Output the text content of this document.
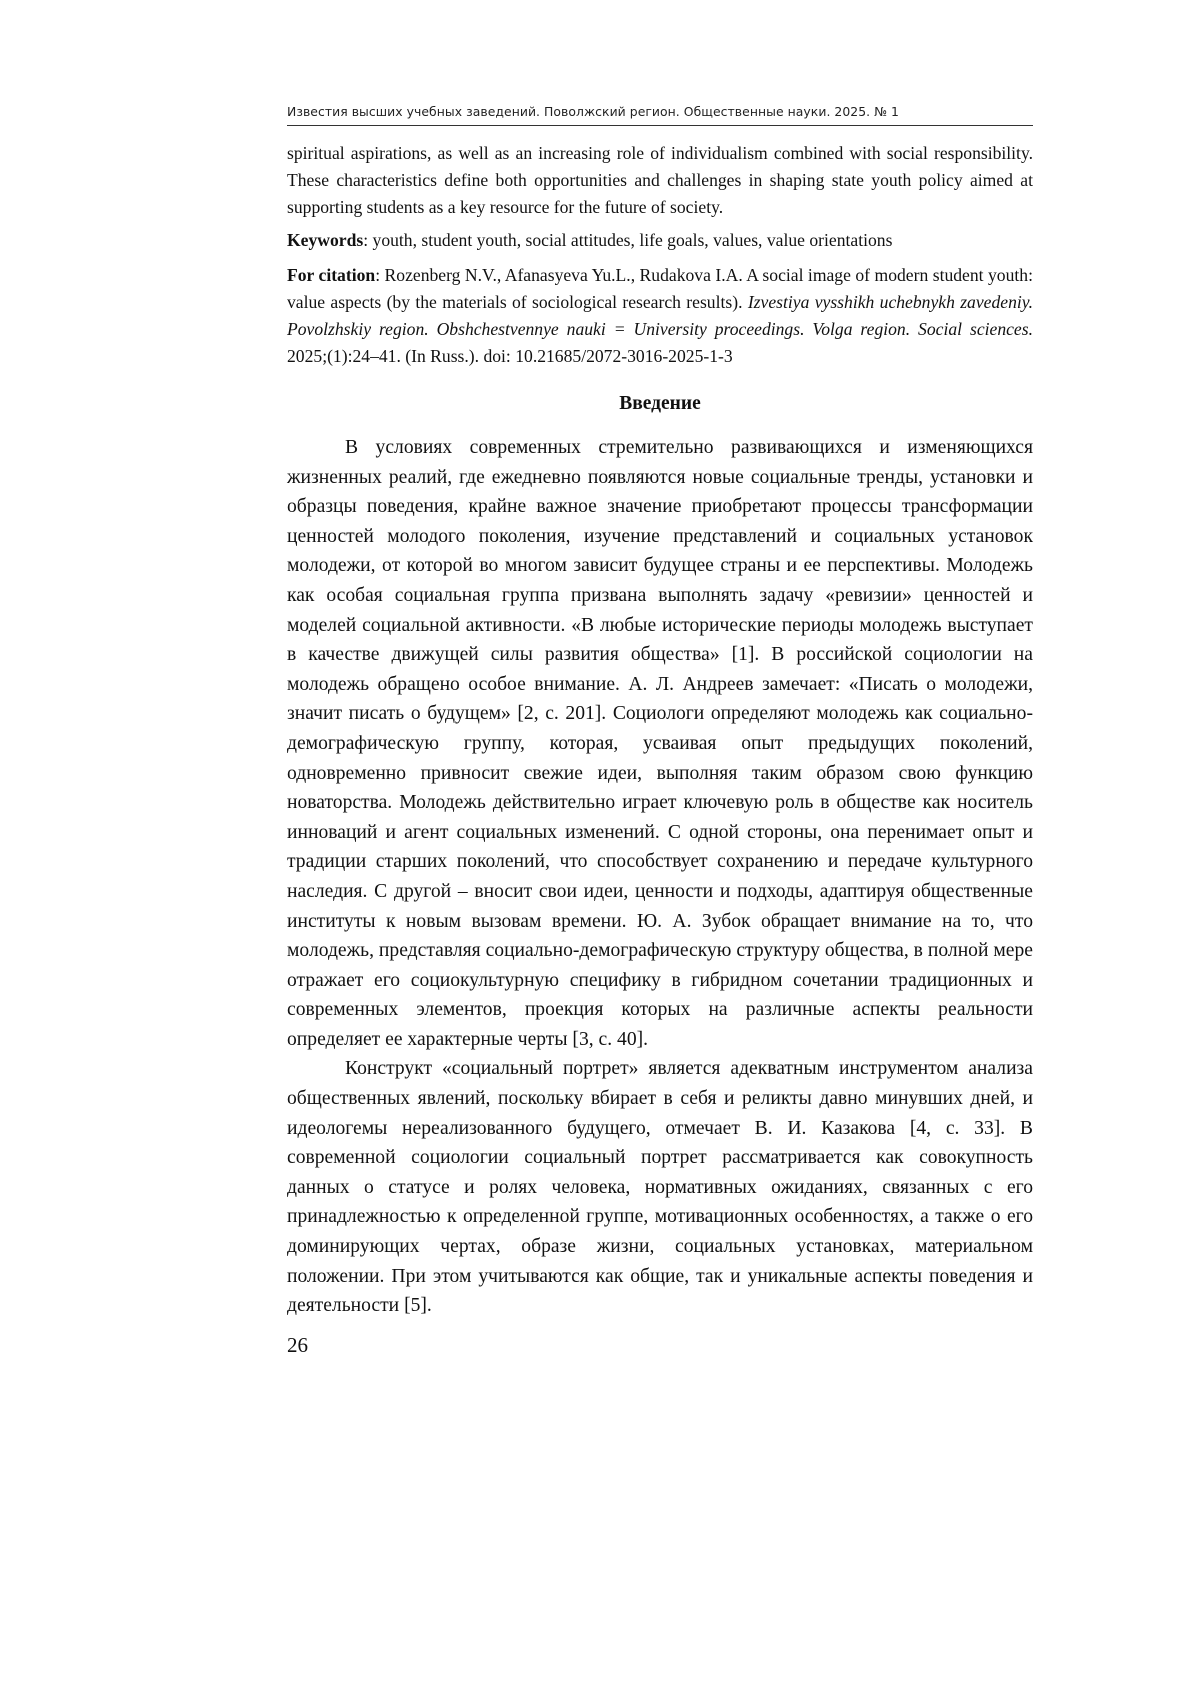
Известия высших учебных заведений. Поволжский регион. Общественные науки. 2025. № 1

spiritual aspirations, as well as an increasing role of individualism combined with social responsibility. These characteristics define both opportunities and challenges in shaping state youth policy aimed at supporting students as a key resource for the future of society.

Keywords: youth, student youth, social attitudes, life goals, values, value orientations

For citation: Rozenberg N.V., Afanasyeva Yu.L., Rudakova I.A. A social image of modern student youth: value aspects (by the materials of sociological research results). Izvestiya vysshikh uchebnykh zavedeniy. Povolzhskiy region. Obshchestvennye nauki = University proceedings. Volga region. Social sciences. 2025;(1):24–41. (In Russ.). doi: 10.21685/2072-3016-2025-1-3

Введение

В условиях современных стремительно развивающихся и изменяющихся жизненных реалий, где ежедневно появляются новые социальные тренды, установки и образцы поведения, крайне важное значение приобретают процессы трансформации ценностей молодого поколения, изучение представлений и социальных установок молодежи, от которой во многом зависит будущее страны и ее перспективы. Молодежь как особая социальная группа призвана выполнять задачу «ревизии» ценностей и моделей социальной активности. «В любые исторические периоды молодежь выступает в качестве движущей силы развития общества» [1]. В российской социологии на молодежь обращено особое внимание. А. Л. Андреев замечает: «Писать о молодежи, значит писать о будущем» [2, с. 201]. Социологи определяют молодежь как социально-демографическую группу, которая, усваивая опыт предыдущих поколений, одновременно привносит свежие идеи, выполняя таким образом свою функцию новаторства. Молодежь действительно играет ключевую роль в обществе как носитель инноваций и агент социальных изменений. С одной стороны, она перенимает опыт и традиции старших поколений, что способствует сохранению и передаче культурного наследия. С другой – вносит свои идеи, ценности и подходы, адаптируя общественные институты к новым вызовам времени. Ю. А. Зубок обращает внимание на то, что молодежь, представляя социально-демографическую структуру общества, в полной мере отражает его социокультурную специфику в гибридном сочетании традиционных и современных элементов, проекция которых на различные аспекты реальности определяет ее характерные черты [3, с. 40].

Конструкт «социальный портрет» является адекватным инструментом анализа общественных явлений, поскольку вбирает в себя и реликты давно минувших дней, и идеологемы нереализованного будущего, отмечает В. И. Казакова [4, с. 33]. В современной социологии социальный портрет рассматривается как совокупность данных о статусе и ролях человека, нормативных ожиданиях, связанных с его принадлежностью к определенной группе, мотивационных особенностях, а также о его доминирующих чертах, образе жизни, социальных установках, материальном положении. При этом учитываются как общие, так и уникальные аспекты поведения и деятельности [5].

26
